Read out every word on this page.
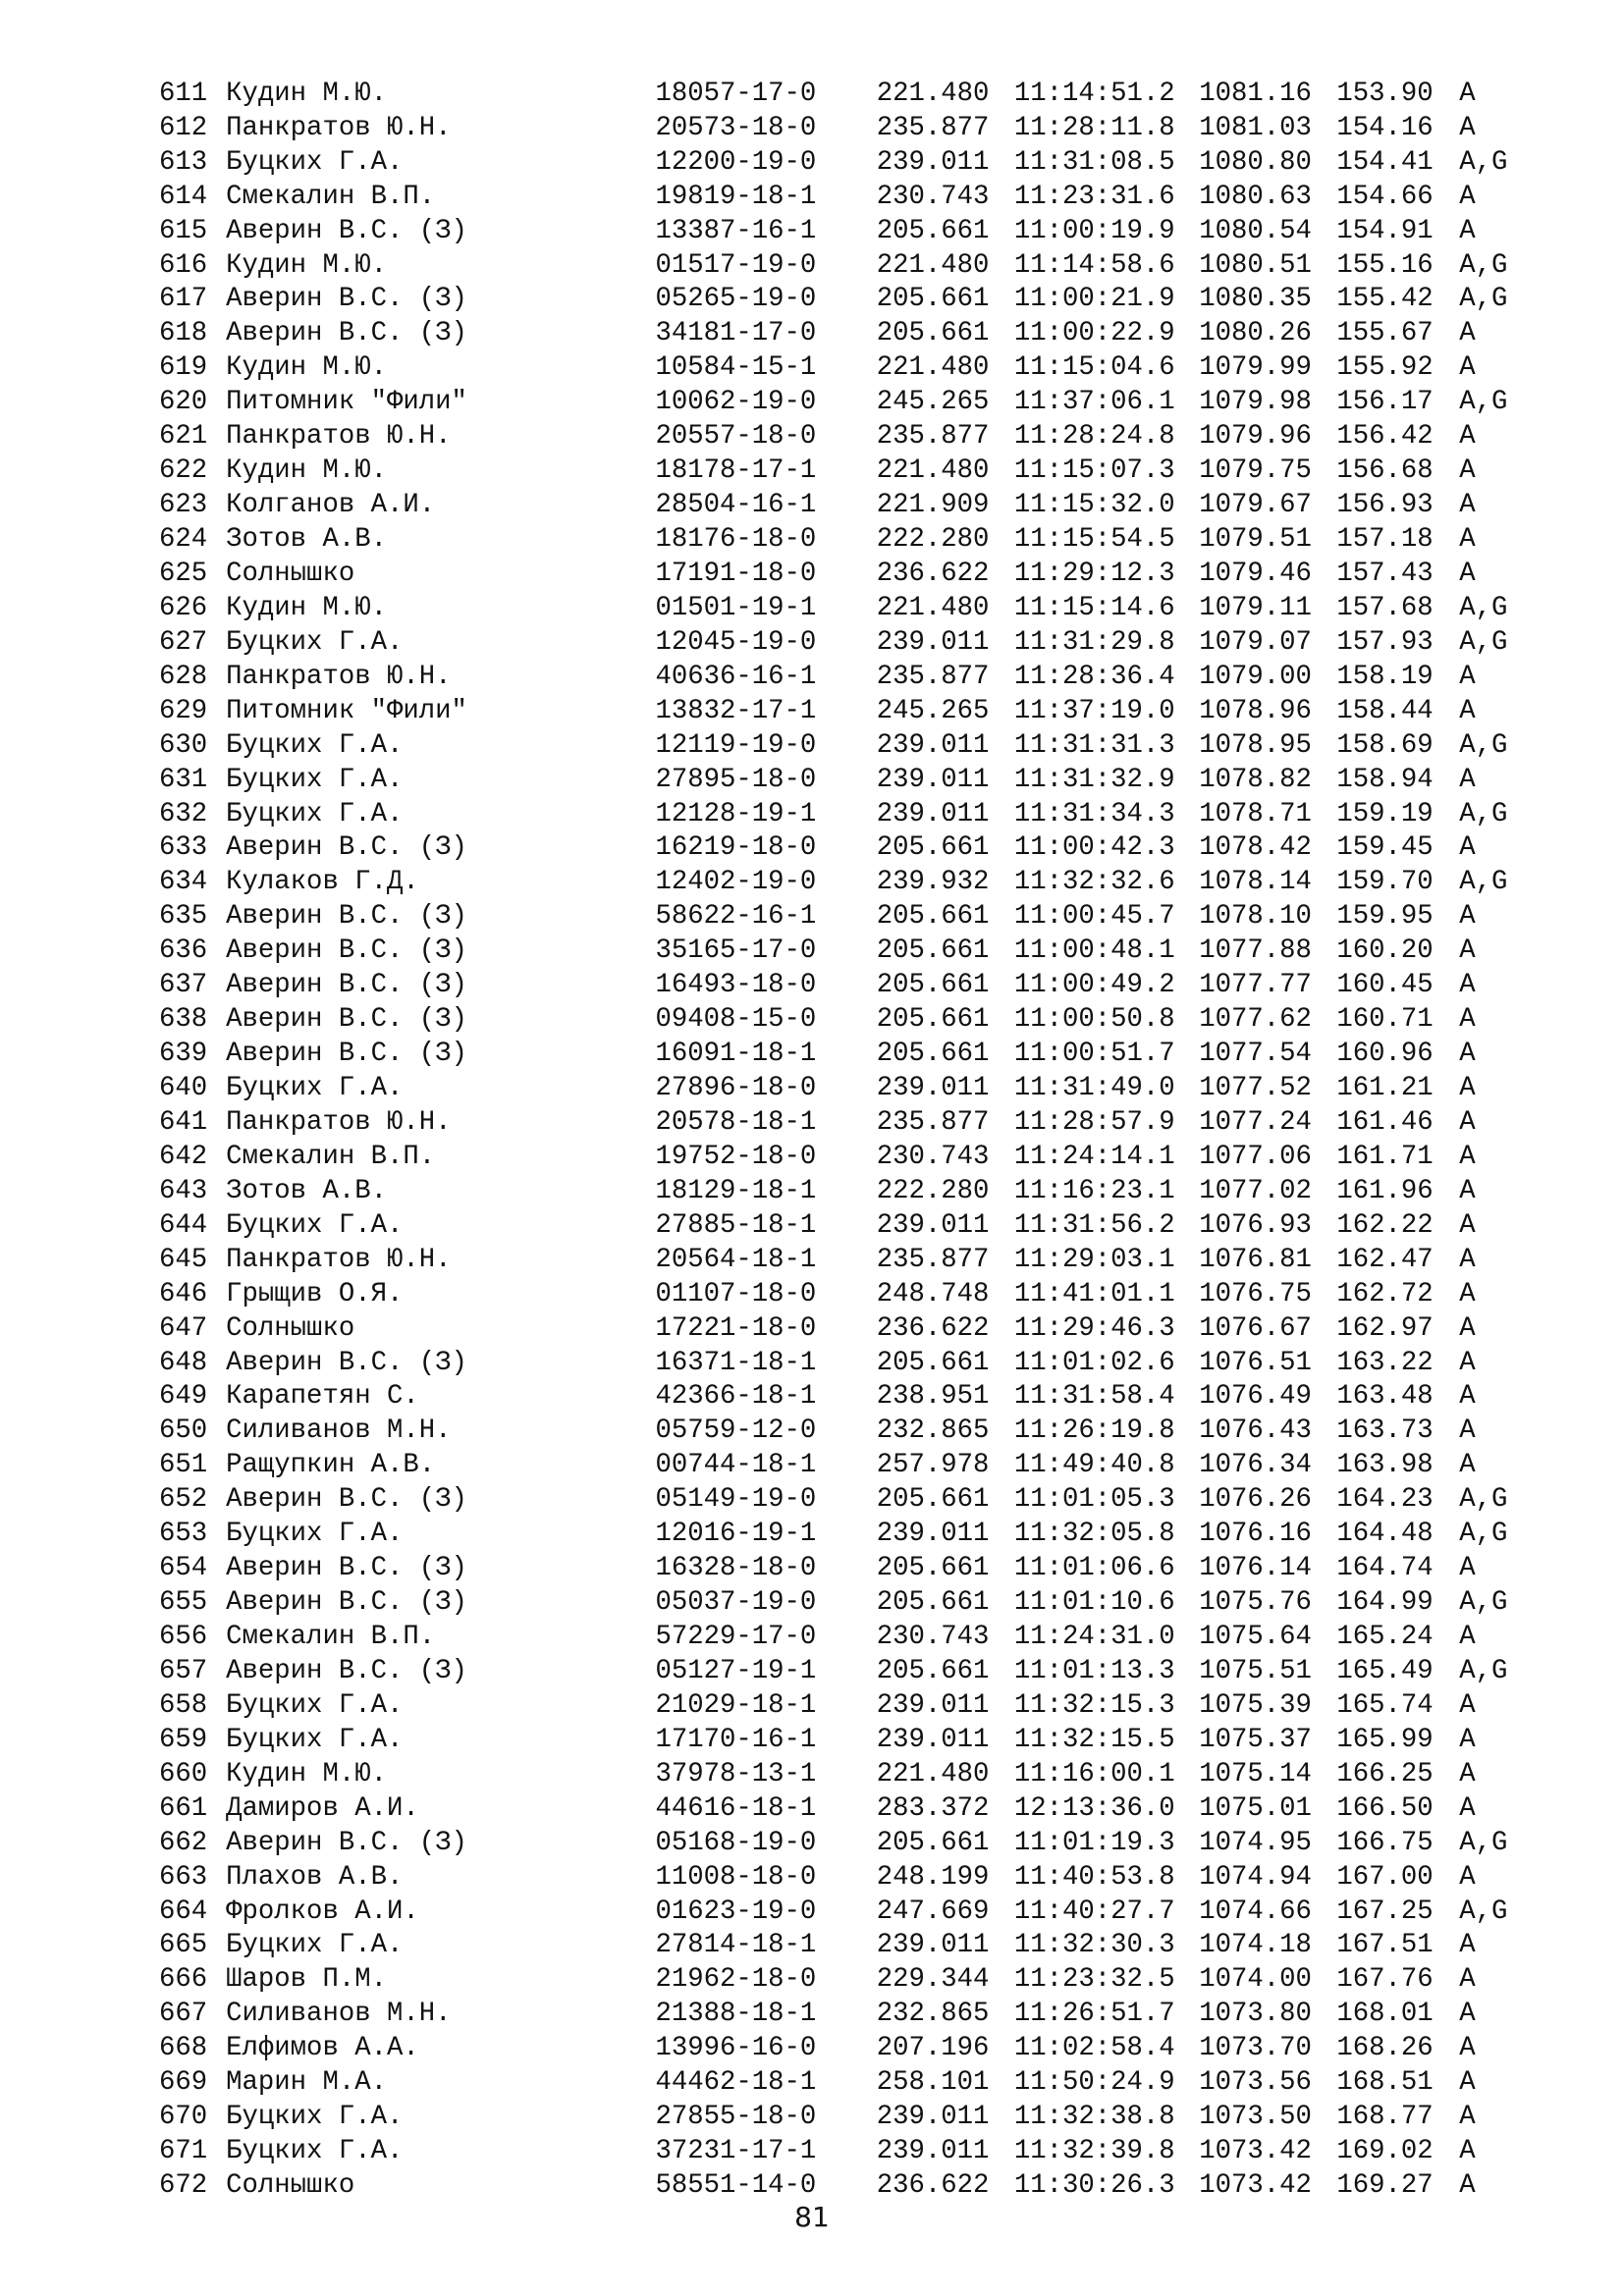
611 Кудин М.Ю.	18057-17-0	221.480 11:14:51.2 1081.16 153.90 A
612 Панкратов Ю.Н.	20573-18-0	235.877 11:28:11.8 1081.03 154.16 A
613 Буцких Г.А.	12200-19-0	239.011 11:31:08.5 1080.80 154.41 A,G
614 Смекалин В.П.	19819-18-1	230.743 11:23:31.6 1080.63 154.66 A
615 Аверин В.С. (З)	13387-16-1	205.661 11:00:19.9 1080.54 154.91 A
616 Кудин М.Ю.	01517-19-0	221.480 11:14:58.6 1080.51 155.16 A,G
617 Аверин В.С. (З)	05265-19-0	205.661 11:00:21.9 1080.35 155.42 A,G
618 Аверин В.С. (З)	34181-17-0	205.661 11:00:22.9 1080.26 155.67 A
619 Кудин М.Ю.	10584-15-1	221.480 11:15:04.6 1079.99 155.92 A
620 Питомник "Фили"	10062-19-0	245.265 11:37:06.1 1079.98 156.17 A,G
621 Панкратов Ю.Н.	20557-18-0	235.877 11:28:24.8 1079.96 156.42 A
622 Кудин М.Ю.	18178-17-1	221.480 11:15:07.3 1079.75 156.68 A
623 Колганов А.И.	28504-16-1	221.909 11:15:32.0 1079.67 156.93 A
624 Зотов А.В.	18176-18-0	222.280 11:15:54.5 1079.51 157.18 A
625 Солнышко	17191-18-0	236.622 11:29:12.3 1079.46 157.43 A
626 Кудин М.Ю.	01501-19-1	221.480 11:15:14.6 1079.11 157.68 A,G
627 Буцких Г.А.	12045-19-0	239.011 11:31:29.8 1079.07 157.93 A,G
628 Панкратов Ю.Н.	40636-16-1	235.877 11:28:36.4 1079.00 158.19 A
629 Питомник "Фили"	13832-17-1	245.265 11:37:19.0 1078.96 158.44 A
630 Буцких Г.А.	12119-19-0	239.011 11:31:31.3 1078.95 158.69 A,G
631 Буцких Г.А.	27895-18-0	239.011 11:31:32.9 1078.82 158.94 A
632 Буцких Г.А.	12128-19-1	239.011 11:31:34.3 1078.71 159.19 A,G
633 Аверин В.С. (З)	16219-18-0	205.661 11:00:42.3 1078.42 159.45 A
634 Кулаков Г.Д.	12402-19-0	239.932 11:32:32.6 1078.14 159.70 A,G
635 Аверин В.С. (З)	58622-16-1	205.661 11:00:45.7 1078.10 159.95 A
636 Аверин В.С. (З)	35165-17-0	205.661 11:00:48.1 1077.88 160.20 A
637 Аверин В.С. (З)	16493-18-0	205.661 11:00:49.2 1077.77 160.45 A
638 Аверин В.С. (З)	09408-15-0	205.661 11:00:50.8 1077.62 160.71 A
639 Аверин В.С. (З)	16091-18-1	205.661 11:00:51.7 1077.54 160.96 A
640 Буцких Г.А.	27896-18-0	239.011 11:31:49.0 1077.52 161.21 A
641 Панкратов Ю.Н.	20578-18-1	235.877 11:28:57.9 1077.24 161.46 A
642 Смекалин В.П.	19752-18-0	230.743 11:24:14.1 1077.06 161.71 A
643 Зотов А.В.	18129-18-1	222.280 11:16:23.1 1077.02 161.96 A
644 Буцких Г.А.	27885-18-1	239.011 11:31:56.2 1076.93 162.22 A
645 Панкратов Ю.Н.	20564-18-1	235.877 11:29:03.1 1076.81 162.47 A
646 Грыщив О.Я.	01107-18-0	248.748 11:41:01.1 1076.75 162.72 A
647 Солнышко	17221-18-0	236.622 11:29:46.3 1076.67 162.97 A
648 Аверин В.С. (З)	16371-18-1	205.661 11:01:02.6 1076.51 163.22 A
649 Карапетян С.	42366-18-1	238.951 11:31:58.4 1076.49 163.48 A
650 Силиванов М.Н.	05759-12-0	232.865 11:26:19.8 1076.43 163.73 A
651 Ращупкин А.В.	00744-18-1	257.978 11:49:40.8 1076.34 163.98 A
652 Аверин В.С. (З)	05149-19-0	205.661 11:01:05.3 1076.26 164.23 A,G
653 Буцких Г.А.	12016-19-1	239.011 11:32:05.8 1076.16 164.48 A,G
654 Аверин В.С. (З)	16328-18-0	205.661 11:01:06.6 1076.14 164.74 A
655 Аверин В.С. (З)	05037-19-0	205.661 11:01:10.6 1075.76 164.99 A,G
656 Смекалин В.П.	57229-17-0	230.743 11:24:31.0 1075.64 165.24 A
657 Аверин В.С. (З)	05127-19-1	205.661 11:01:13.3 1075.51 165.49 A,G
658 Буцких Г.А.	21029-18-1	239.011 11:32:15.3 1075.39 165.74 A
659 Буцких Г.А.	17170-16-1	239.011 11:32:15.5 1075.37 165.99 A
660 Кудин М.Ю.	37978-13-1	221.480 11:16:00.1 1075.14 166.25 A
661 Дамиров А.И.	44616-18-1	283.372 12:13:36.0 1075.01 166.50 A
662 Аверин В.С. (З)	05168-19-0	205.661 11:01:19.3 1074.95 166.75 A,G
663 Плахов А.В.	11008-18-0	248.199 11:40:53.8 1074.94 167.00 A
664 Фролков А.И.	01623-19-0	247.669 11:40:27.7 1074.66 167.25 A,G
665 Буцких Г.А.	27814-18-1	239.011 11:32:30.3 1074.18 167.51 A
666 Шаров П.М.	21962-18-0	229.344 11:23:32.5 1074.00 167.76 A
667 Силиванов М.Н.	21388-18-1	232.865 11:26:51.7 1073.80 168.01 A
668 Елфимов А.А.	13996-16-0	207.196 11:02:58.4 1073.70 168.26 A
669 Марин М.А.	44462-18-1	258.101 11:50:24.9 1073.56 168.51 A
670 Буцких Г.А.	27855-18-0	239.011 11:32:38.8 1073.50 168.77 A
671 Буцких Г.А.	37231-17-1	239.011 11:32:39.8 1073.42 169.02 A
672 Солнышко	58551-14-0	236.622 11:30:26.3 1073.42 169.27 A
81
